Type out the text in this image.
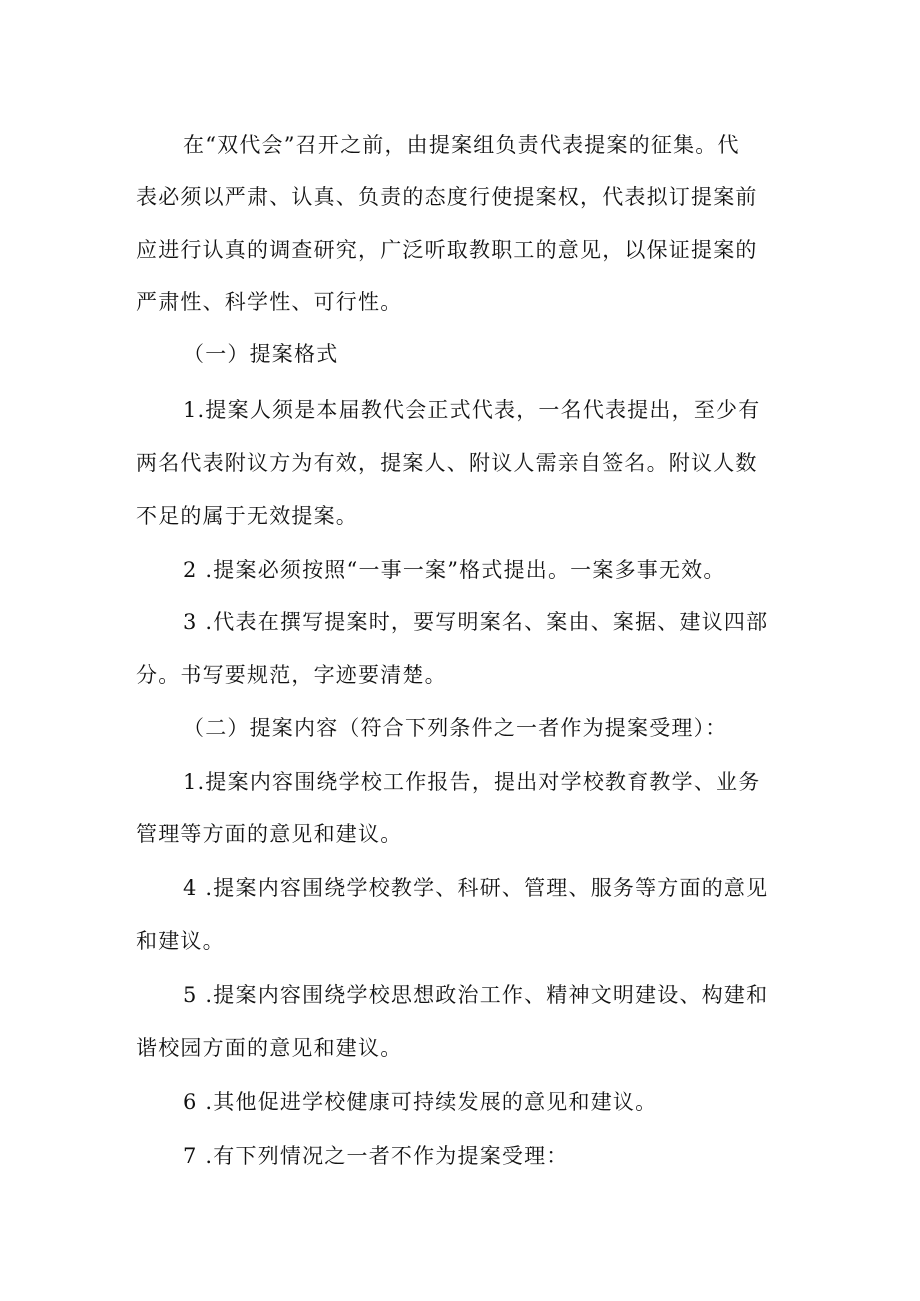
在“双代会”召开之前，由提案组负责代表提案的征集。代
表必须以严肃、认真、负责的态度行使提案权，代表拟订提案前
应进行认真的调查研究，广泛听取教职工的意见，以保证提案的
严肃性、科学性、可行性。
（一）提案格式
1.提案人须是本届教代会正式代表，一名代表提出，至少有
两名代表附议方为有效，提案人、附议人需亲自签名。附议人数
不足的属于无效提案。
2 .提案必须按照“一事一案”格式提出。一案多事无效。
3 .代表在撰写提案时，要写明案名、案由、案据、建议四部
分。书写要规范，字迹要清楚。
（二）提案内容（符合下列条件之一者作为提案受理）：
1.提案内容围绕学校工作报告，提出对学校教育教学、业务
管理等方面的意见和建议。
4 .提案内容围绕学校教学、科研、管理、服务等方面的意见
和建议。
5 .提案内容围绕学校思想政治工作、精神文明建设、构建和
谐校园方面的意见和建议。
6 .其他促进学校健康可持续发展的意见和建议。
7 .有下列情况之一者不作为提案受理：
